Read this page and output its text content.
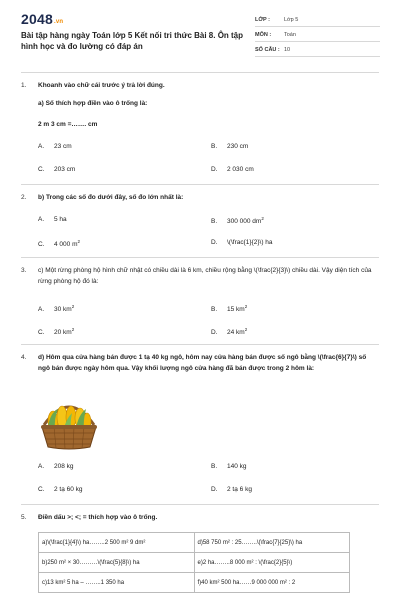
2048.vn
Bài tập hàng ngày Toán lớp 5 Kết nối tri thức Bài 8. Ôn tập hình học và đo lường có đáp án
LỚP :	Lớp 5
MÔN : Toán
SỐ CÂU : 10
1. Khoanh vào chữ cái trước ý trả lời đúng.
a) Số thích hợp điền vào ô trống là:
2 m 3 cm =……. cm
A. 23 cm	B. 230 cm
C. 203 cm	D. 2 030 cm
2. b) Trong các số đo dưới đây, số đo lớn nhất là:
A. 5 ha	B. 300 000 $dm^2$
C. 4 000 $m^2$	D. \(\frac{1}{2}\) ha
3. c) Một rừng phòng hộ hình chữ nhật có chiều dài là 6 km, chiều rộng bằng \(\frac{2}{3}\) chiều dài. Vậy diện tích của rừng phòng hộ đó là:
A. 30 $km^2$	B. 15 $km^2$
C. 20 $km^2$	D. 24 $km^2$
4. d) Hôm qua cửa hàng bán được 1 tạ 40 kg ngô, hôm nay cửa hàng bán được số ngô bằng \(\frac{6}{7}\) số ngô bán được ngày hôm qua. Vậy khối lượng ngô cửa hàng đã bán được trong 2 hôm là:
A. 208 kg	B. 140 kg
C. 2 tạ 60 kg	D. 2 tạ 6 kg
5. Điền dấu >; <; = thích hợp vào ô trống.
a)\(\frac{1}{4}\) ha……..2 500 m² 9 dm²	d)58 750 m² : 25……..\(\frac{7}{25}\) ha
b)250 m² × 30………\(\frac{5}{8}\) ha	e)2 ha……..8 000 m² : \(\frac{2}{5}\)
c)13 km² 5 ha – ……..1 350 ha	f)40 km² 500 ha……9 000 000 m² : 2
